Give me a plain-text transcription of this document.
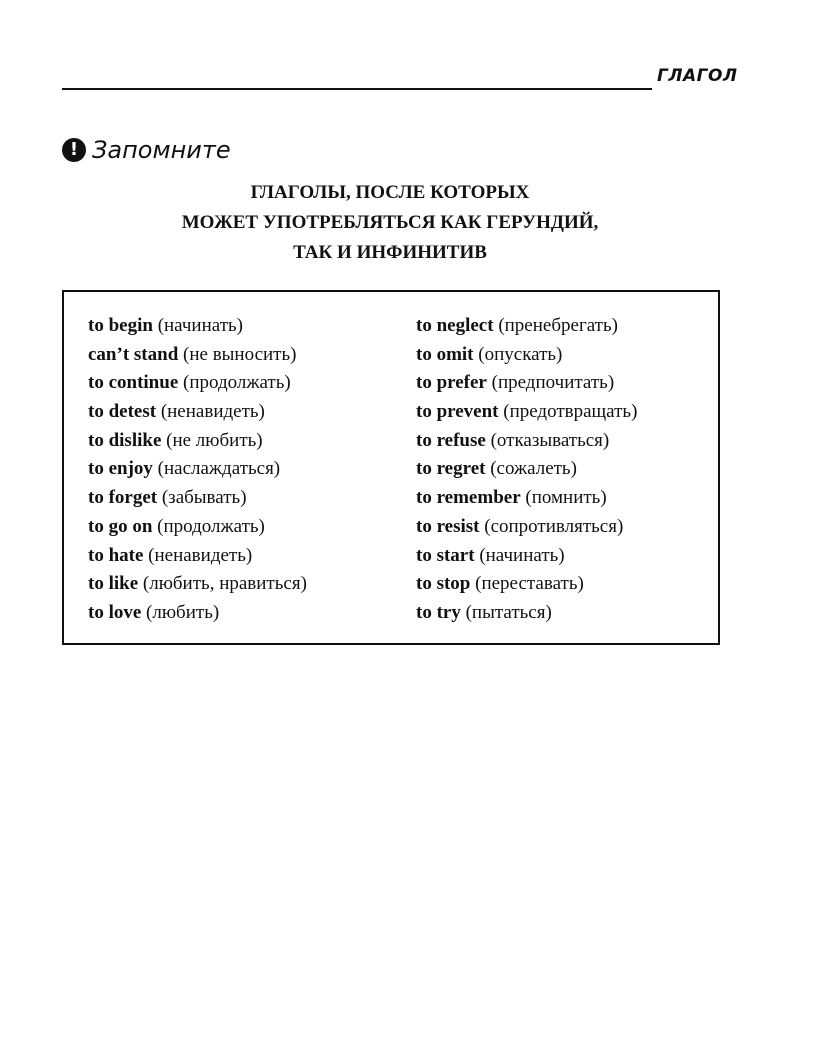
ГЛАГОЛ
! Запомните
ГЛАГОЛЫ, ПОСЛЕ КОТОРЫХ
МОЖЕТ УПОТРЕБЛЯТЬСЯ КАК ГЕРУНДИЙ,
ТАК И ИНФИНИТИВ
to begin (начинать)
can’t stand (не выносить)
to continue (продолжать)
to detest (ненавидеть)
to dislike (не любить)
to enjoy (наслаждаться)
to forget (забывать)
to go on (продолжать)
to hate (ненавидеть)
to like (любить, нравиться)
to love (любить)
to neglect (пренебрегать)
to omit (опускать)
to prefer (предпочитать)
to prevent (предотвращать)
to refuse (отказываться)
to regret (сожалеть)
to remember (помнить)
to resist (сопротивляться)
to start (начинать)
to stop (переставать)
to try (пытаться)
